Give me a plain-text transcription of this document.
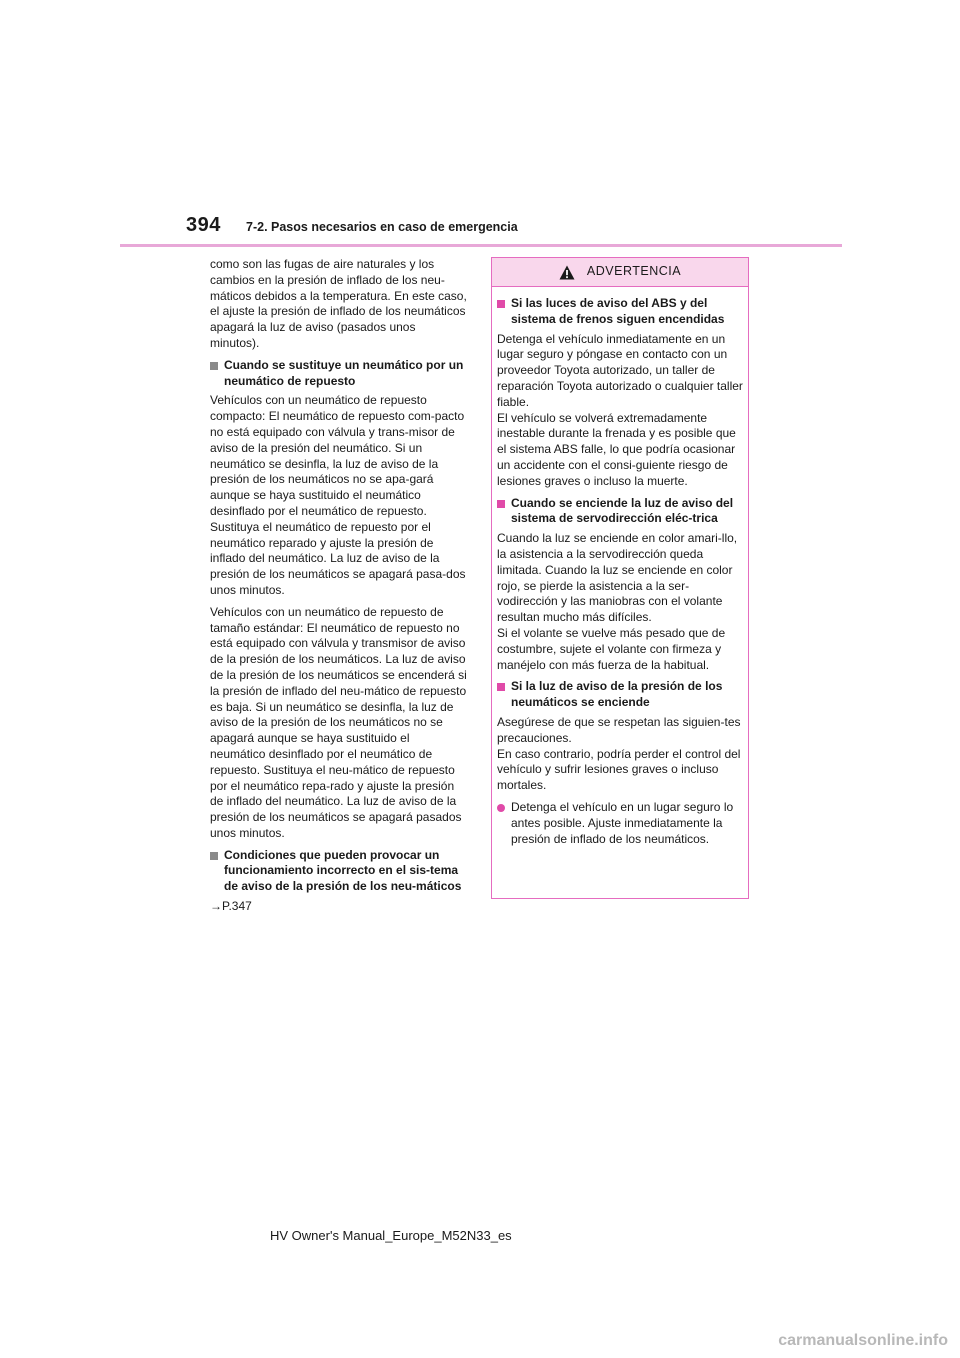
394 7-2. Pasos necesarios en caso de emergencia

como son las fugas de aire naturales y los cambios en la presión de inflado de los neu-máticos debidos a la temperatura. En este caso, el ajuste la presión de inflado de los neumáticos apagará la luz de aviso (pasados unos minutos).

Cuando se sustituye un neumático por un neumático de repuesto

Vehículos con un neumático de repuesto compacto: El neumático de repuesto com-pacto no está equipado con válvula y trans-misor de aviso de la presión del neumático. Si un neumático se desinfla, la luz de aviso de la presión de los neumáticos no se apa-gará aunque se haya sustituido el neumático desinflado por el neumático de repuesto. Sustituya el neumático de repuesto por el neumático reparado y ajuste la presión de inflado del neumático. La luz de aviso de la presión de los neumáticos se apagará pasa-dos unos minutos.

Vehículos con un neumático de repuesto de tamaño estándar: El neumático de repuesto no está equipado con válvula y transmisor de aviso de la presión de los neumáticos. La luz de aviso de la presión de los neumáticos se encenderá si la presión de inflado del neu-mático de repuesto es baja. Si un neumático se desinfla, la luz de aviso de la presión de los neumáticos no se apagará aunque se haya sustituido el neumático desinflado por el neumático de repuesto. Sustituya el neu-mático de repuesto por el neumático repa-rado y ajuste la presión de inflado del neumático. La luz de aviso de la presión de los neumáticos se apagará pasados unos minutos.

Condiciones que pueden provocar un funcionamiento incorrecto en el sis-tema de aviso de la presión de los neu-máticos

→P.347

ADVERTENCIA
Si las luces de aviso del ABS y del sistema de frenos siguen encendidas

Detenga el vehículo inmediatamente en un lugar seguro y póngase en contacto con un proveedor Toyota autorizado, un taller de reparación Toyota autorizado o cualquier taller fiable.
El vehículo se volverá extremadamente inestable durante la frenada y es posible que el sistema ABS falle, lo que podría ocasionar un accidente con el consi-guiente riesgo de lesiones graves o incluso la muerte.

Cuando se enciende la luz de aviso del sistema de servodirección eléc-trica

Cuando la luz se enciende en color amari-llo, la asistencia a la servodirección queda limitada. Cuando la luz se enciende en color rojo, se pierde la asistencia a la ser-vodirección y las maniobras con el volante resultan mucho más difíciles.
Si el volante se vuelve más pesado que de costumbre, sujete el volante con firmeza y manéjelo con más fuerza de la habitual.

Si la luz de aviso de la presión de los neumáticos se enciende

Asegúrese de que se respetan las siguien-tes precauciones.
En caso contrario, podría perder el control del vehículo y sufrir lesiones graves o incluso mortales.

Detenga el vehículo en un lugar seguro lo antes posible. Ajuste inmediatamente la presión de inflado de los neumáticos.
HV Owner's Manual_Europe_M52N33_es
carmanualsonline.info
